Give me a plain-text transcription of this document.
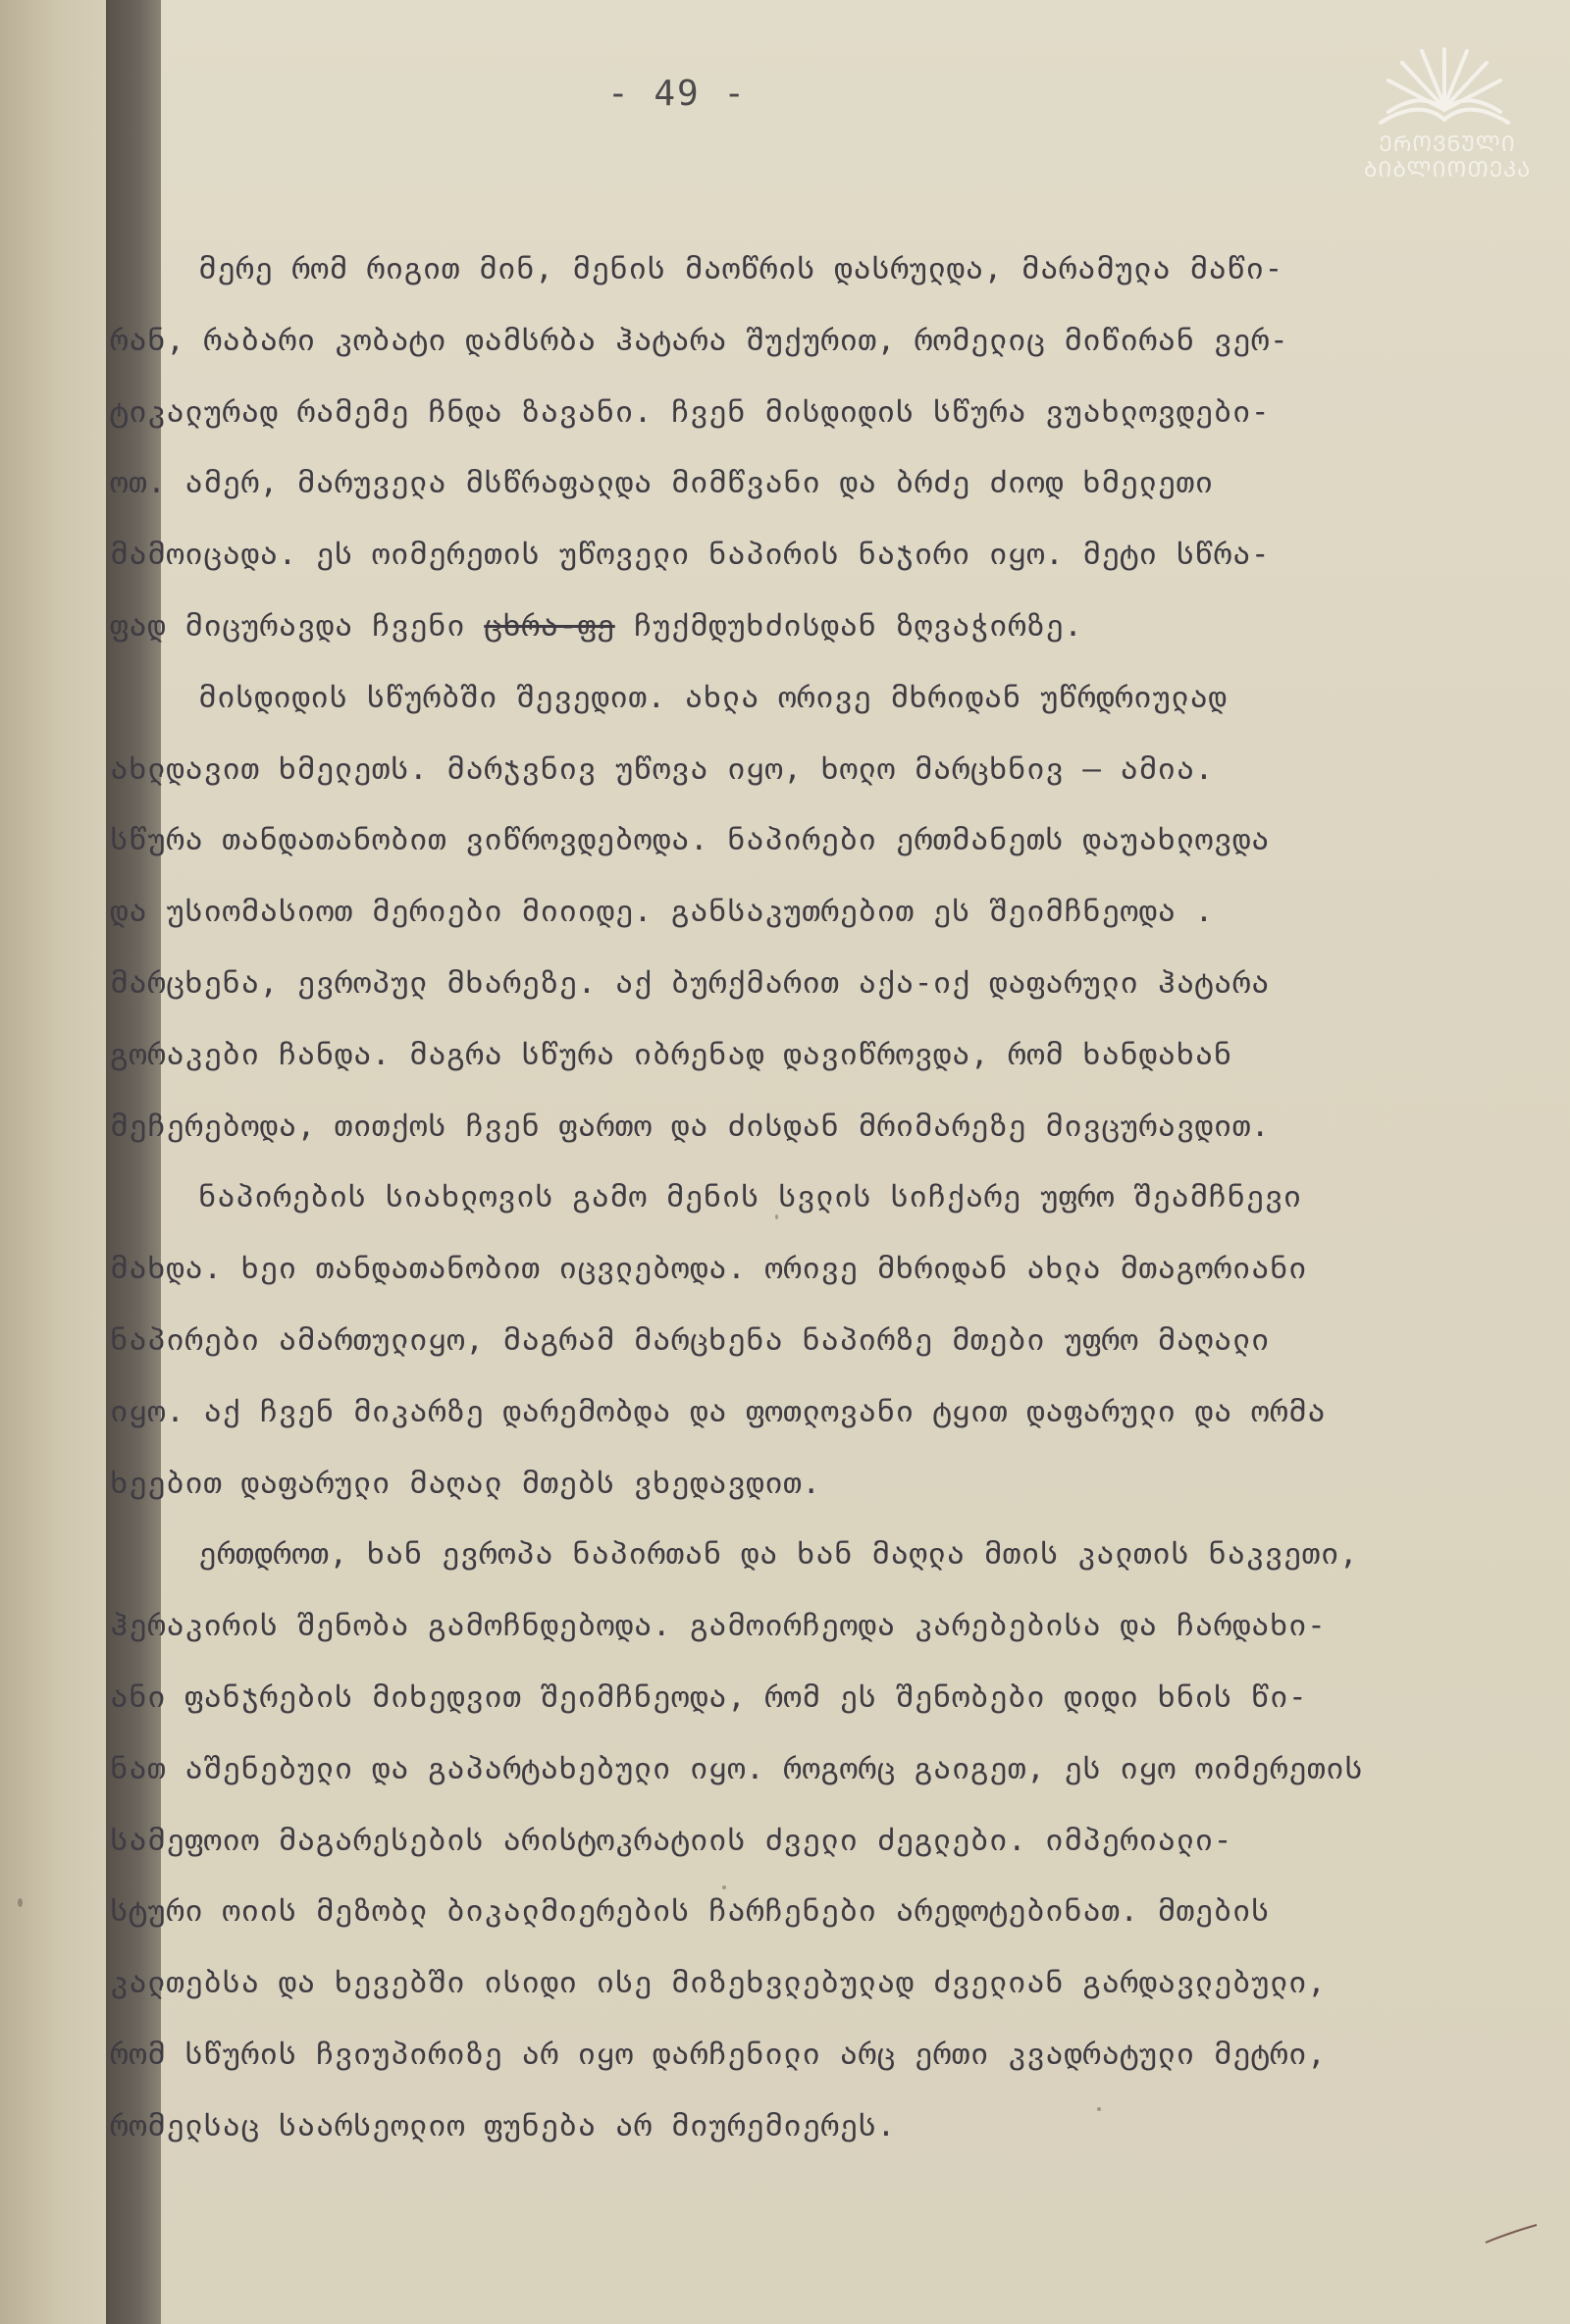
- 49 -
ᲔᲠᲝᲕᲜᲣᲚᲘ
ᲑᲘᲑᲚᲘᲝᲗᲔᲙᲐ
მერე რომ რიგით მინ, მენის მაოწრის დასრულდა, მარამულა მაწი-
რან, რაბარი კობატი დამსრბა ჰატარა შუქურით, რომელიც მიწირან ვერ-
ტიკალურად რამემე ჩნდა ზავანი. ჩვენ მისდიდის სწურა ვუახლოვდები-
ოთ. ამერ, მარუველა მსწრაფალდა მიმწვანი და ბრძე ძიოდ ხმელეთი
მამოიცადა. ეს ოიმერეთის უწოველი ნაპირის ნაჯირი იყო. მეტი სწრა-
ფად მიცურავდა ჩვენი ცხრა-ფე ჩუქმდუხძისდან ზღვაჭირზე.
მისდიდის სწურბში შევედით. ახლა ორივე მხრიდან უწრდრიულად
ახლდავით ხმელეთს. მარჯვნივ უწოვა იყო, ხოლო მარცხნივ – ამია.
სწურა თანდათანობით ვიწროვდებოდა. ნაპირები ერთმანეთს დაუახლოვდა
და უსიომასიოთ მერიები მიიიდე. განსაკუთრებით ეს შეიმჩნეოდა .
მარცხენა, ევროპულ მხარეზე. აქ ბურქმარით აქა-იქ დაფარული ჰატარა
გორაკები ჩანდა. მაგრა სწურა იბრენად დავიწროვდა, რომ ხანდახან
მეჩერებოდა, თითქოს ჩვენ ფართო და ძისდან მრიმარეზე მივცურავდით.
ნაპირების სიახლოვის გამო მენის სვლის სიჩქარე უფრო შეამჩნევი
მახდა. ხეი თანდათანობით იცვლებოდა. ორივე მხრიდან ახლა მთაგორიანი
ნაპირები ამართულიყო, მაგრამ მარცხენა ნაპირზე მთები უფრო მაღალი
იყო. აქ ჩვენ მიკარზე დარემობდა და ფოთლოვანი ტყით დაფარული და ორმა
ხეებით დაფარული მაღალ მთებს ვხედავდით.
ერთდროთ, ხან ევროპა ნაპირთან და ხან მაღლა მთის კალთის ნაკვეთი,
ჰერაკირის შენობა გამოჩნდებოდა. გამოირჩეოდა კარებებისა და ჩარდახი-
ანი ფანჯრების მიხედვით შეიმჩნეოდა, რომ ეს შენობები დიდი ხნის წი-
ნათ აშენებული და გაპარტახებული იყო. როგორც გაიგეთ, ეს იყო ოიმერეთის
სამეფოიო მაგარესების არისტოკრატიის ძველი ძეგლები. იმპერიალი-
სტური ოიის მეზობლ ბიკალმიერების ჩარჩენები არედოტებინათ. მთების
კალთებსა და ხევებში ისიდი ისე მიზეხვლებულად ძველიან გარდავლებული,
რომ სწურის ჩვიუპირიზე არ იყო დარჩენილი არც ერთი კვადრატული მეტრი,
რომელსაც საარსეოლიო ფუნება არ მიურემიერეს.
